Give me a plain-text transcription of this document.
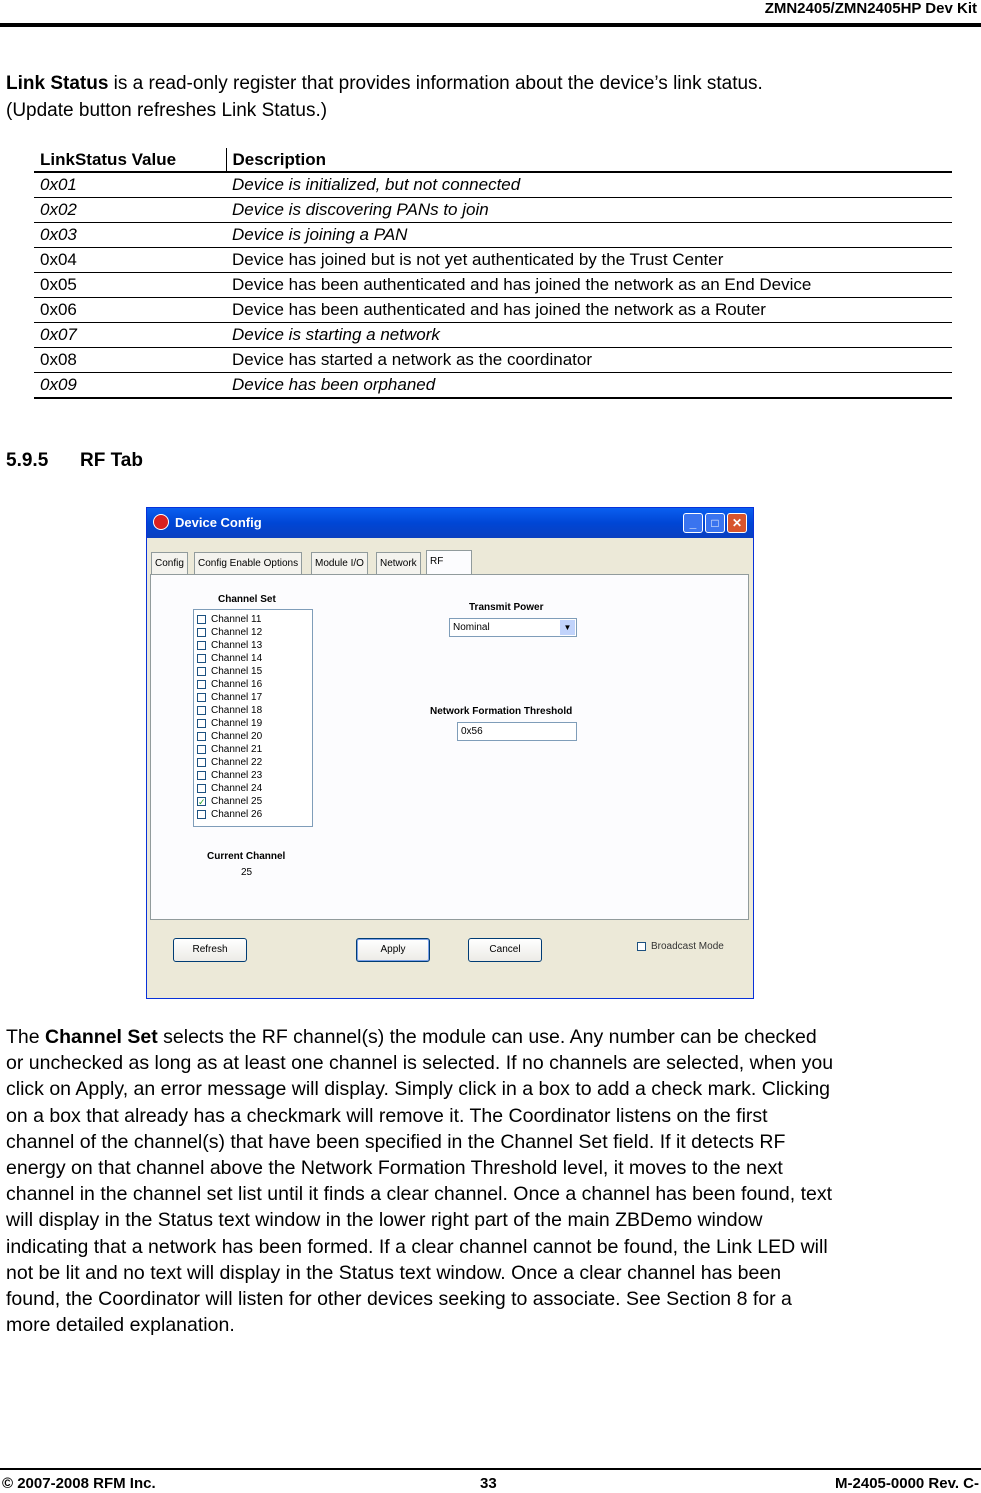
ZMN2405/ZMN2405HP Dev Kit
Link Status is a read-only register that provides information about the device’s link status.
(Update button refreshes Link Status.)
LinkStatus Value	Description
0x01	Device is initialized, but not connected
0x02	Device is discovering PANs to join
0x03	Device is joining a PAN
0x04	Device has joined but is not yet authenticated by the Trust Center
0x05	Device has been authenticated and has joined the network as an End Device
0x06	Device has been authenticated and has joined the network as a Router
0x07	Device is starting a network
0x08	Device has started a network as the coordinator
0x09	Device has been orphaned
5.9.5 RF Tab
Device Config	_	□	✕
Config	Config Enable Options	Module I/O	Network	RF
Channel Set
Channel 11
Channel 12
Channel 13
Channel 14
Channel 15
Channel 16
Channel 17
Channel 18
Channel 19
Channel 20
Channel 21
Channel 22
Channel 23
Channel 24
✓ Channel 25
Channel 26
Transmit Power
Nominal	▼
Network Formation Threshold
0x56
Current Channel
25
Refresh	Apply	Cancel	Broadcast Mode
The Channel Set selects the RF channel(s) the module can use. Any number can be checked
or unchecked as long as at least one channel is selected. If no channels are selected, when you
click on Apply, an error message will display. Simply click in a box to add a check mark. Clicking
on a box that already has a checkmark will remove it. The Coordinator listens on the first
channel of the channel(s) that have been specified in the Channel Set field. If it detects RF
energy on that channel above the Network Formation Threshold level, it moves to the next
channel in the channel set list until it finds a clear channel. Once a channel has been found, text
will display in the Status text window in the lower right part of the main ZBDemo window
indicating that a network has been formed. If a clear channel cannot be found, the Link LED will
not be lit and no text will display in the Status text window. Once a clear channel has been
found, the Coordinator will listen for other devices seeking to associate. See Section 8 for a
more detailed explanation.
© 2007-2008 RFM Inc.	33	M-2405-0000 Rev. C-
